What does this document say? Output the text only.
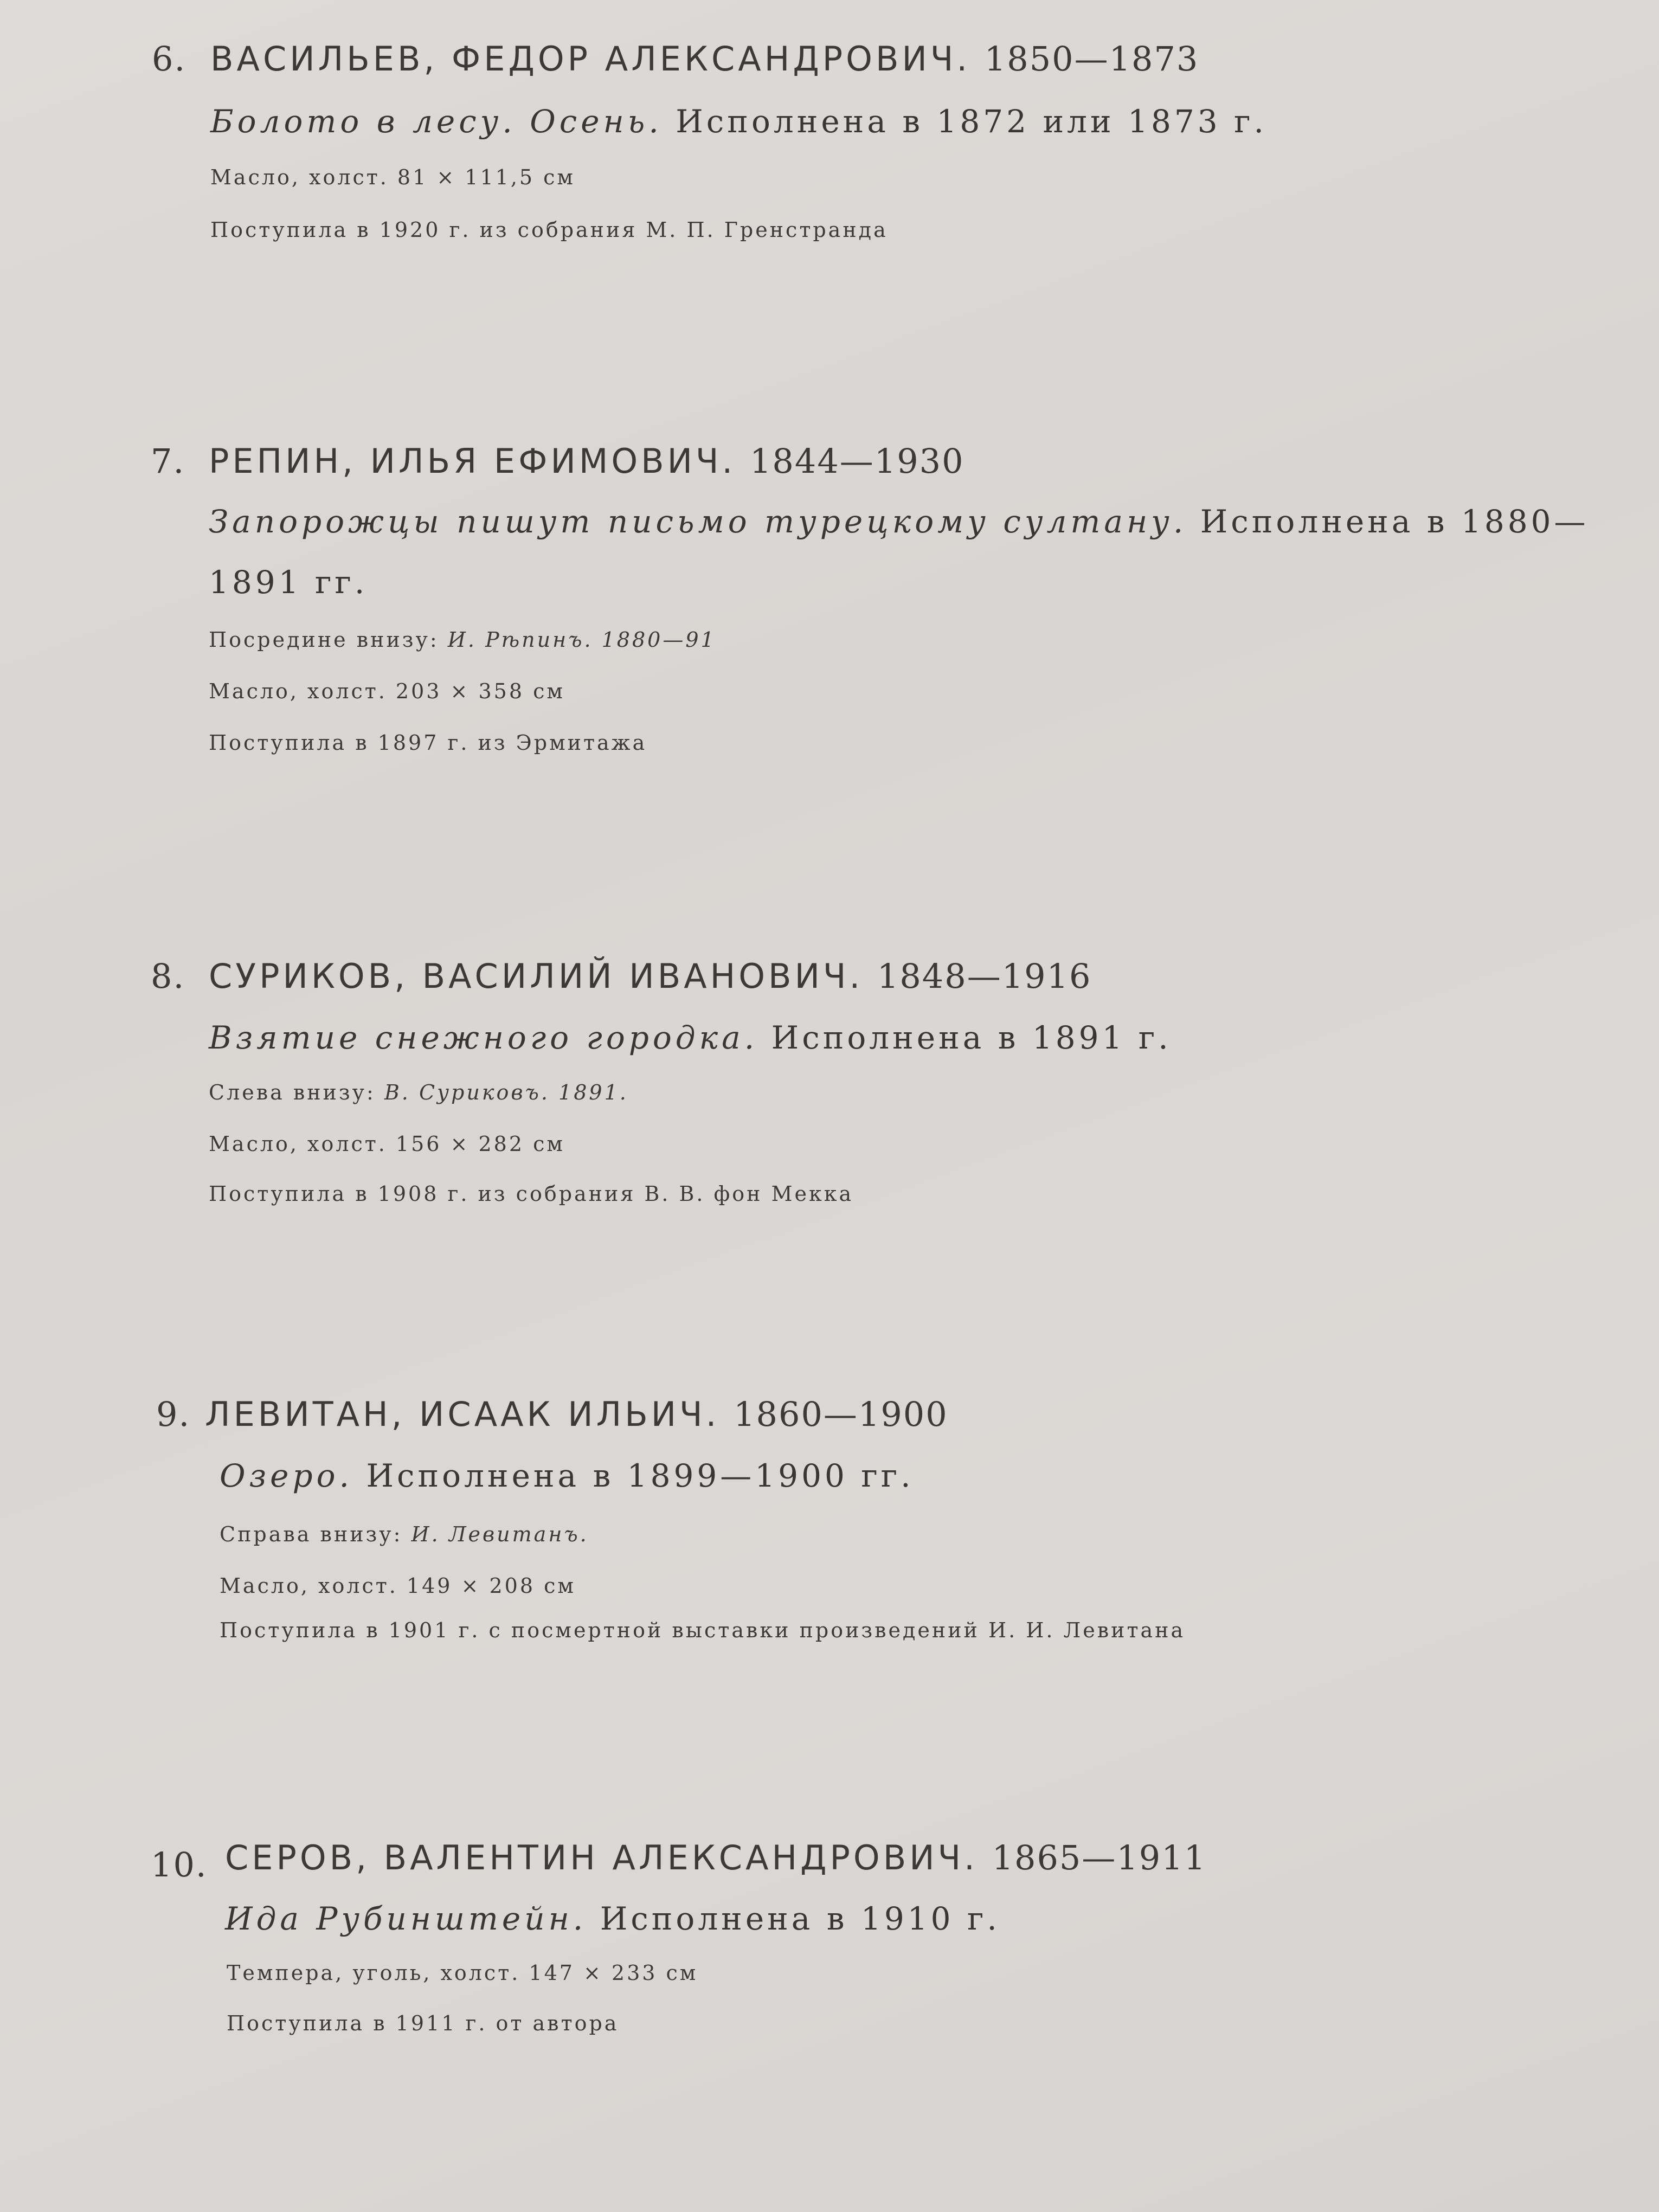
6. ВАСИЛЬЕВ, ФЕДОР АЛЕКСАНДРОВИЧ. 1850—1873
Болото в лесу. Осень. Исполнена в 1872 или 1873 г.
Масло, холст. 81 × 111,5 см
Поступила в 1920 г. из собрания М. П. Гренстранда
7. РЕПИН, ИЛЬЯ ЕФИМОВИЧ. 1844—1930
Запорожцы пишут письмо турецкому султану. Исполнена в 1880—
1891 гг.
Посредине внизу: И. Рѣпинъ. 1880—91
Масло, холст. 203 × 358 см
Поступила в 1897 г. из Эрмитажа
8. СУРИКОВ, ВАСИЛИЙ ИВАНОВИЧ. 1848—1916
Взятие снежного городка. Исполнена в 1891 г.
Слева внизу: В. Суриковъ. 1891.
Масло, холст. 156 × 282 см
Поступила в 1908 г. из собрания В. В. фон Мекка
9. ЛЕВИТАН, ИСААК ИЛЬИЧ. 1860—1900
Озеро. Исполнена в 1899—1900 гг.
Справа внизу: И. Левитанъ.
Масло, холст. 149 × 208 см
Поступила в 1901 г. с посмертной выставки произведений И. И. Левитана
10. СЕРОВ, ВАЛЕНТИН АЛЕКСАНДРОВИЧ. 1865—1911
Ида Рубинштейн. Исполнена в 1910 г.
Темпера, уголь, холст. 147 × 233 см
Поступила в 1911 г. от автора
